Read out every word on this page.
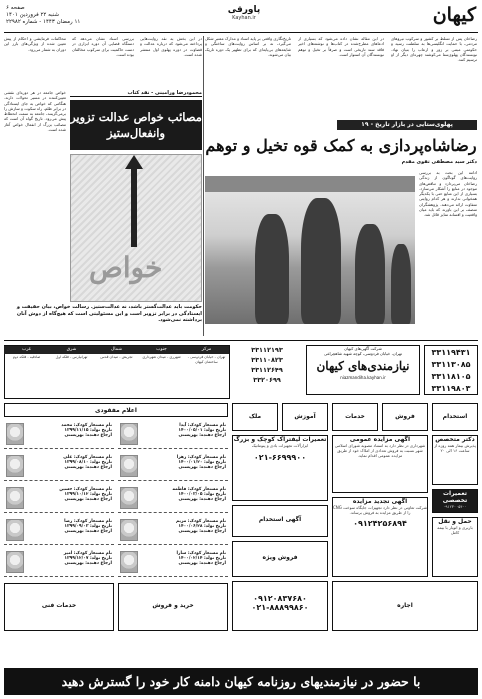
کیهان
پاورقی
Kayhan.ir
صفحه ۶
شنبه ۲۲ فروردین ۱۴۰۱
۱۱ رمضان ۱۴۴۳ - شماره ۲۲۹۸۲
رضاخان پس از تسلط بر کشور و سرکوب نیروهای مردمی، با حمایت انگلیسی‌ها به سلطنت رسید و حکومتی مبتنی بر زور و ارعاب را بنیان نهاد. نویسندگان پهلوی‌ستا می‌کوشند چهره‌ای دیگر از او ترسیم کنند.
در این مقاله نشان داده می‌شود که بسیاری از ادعاهای مطرح‌شده در کتاب‌ها و نوشته‌های اخیر فاقد سند تاریخی است و صرفاً بر تخیل و توهم نویسندگان آن استوار است.
تاریخ‌نگاری واقعی بر پایه اسناد و مدارک معتبر شکل می‌گیرد، نه بر اساس روایت‌های ساختگی و شایعه‌های بی‌پایه‌ای که برای تطهیر یک دوره تاریک بیان می‌شوند.
پهلوی‌ستایی در بازار تاریخ - ۱۹
رضاشاه‌پردازی به کمک قوه تخیل و توهم
دکتر سید مصطفی تقوی مقدم
ادامه این بحث به بررسی روایت‌های گوناگون از زندگی رضاخان می‌پردازد و تناقض‌های موجود در منابع را آشکار می‌سازد. بسیاری از این منابع حتی با یکدیگر همخوانی ندارند و هر کدام روایتی متفاوت ارائه می‌دهند. پژوهشگران منصف بر این باورند که باید میان واقعیت و افسانه تمایز قائل شد.
در این بخش به نقد روایت‌هایی پرداخته می‌شود که درباره عدالت و قضاوت در دوره پهلوی اول منتشر شده است.
بررسی اسناد نشان می‌دهد که دستگاه قضایی آن دوره ابزاری در دست حاکمیت برای سرکوب مخالفان بوده است.
محاکمات فرمایشی و احکام از پیش تعیین شده از ویژگی‌های بارز این دوران به شمار می‌رود.
محمودرضا ورامینی - نقد کتاب
مصائب خواص عدالت تزویر وانفعال‌ستیز
خواص
خواص جامعه در هر دوره‌ای نقشی تعیین‌کننده در مسیر تحولات دارند. هنگامی که خواص به جای ایستادگی در برابر ظلم، راه سکوت و سازش را برمی‌گزینند، جامعه به سمت انحطاط پیش می‌رود. تاریخ گواه آن است که مصائب بزرگ از انفعال خواص آغاز شده است.
حکومت باید عدالت‌گستر باشد، نه عدالت‌ستیز. رسالت خواص، بیان حقیقت و ایستادگی در برابر تزویر است و این مسئولیتی است که هیچ‌گاه از دوش آنان برداشته نمی‌شود.
۳۳۱۱۹۴۳۱
۳۳۱۱۳۰۸۵
۳۳۱۱۸۱۰۵
۳۳۱۱۹۸۰۳
شرکت آگهی‌های کیهان
تهران، خیابان فردوسی، کوچه شهید شاهچراغی
نیازمندی‌های کیهان
niazmandiha.kayhan.ir
۳۳۱۱۲۱۹۳
۳۳۱۱۰۸۲۳
۳۳۱۱۲۶۴۹
۳۳۲۰۶۹۹
مرکز
تهران - خیابان فردوسی - ساختمان کیهان
جنوب
شهرری - میدان شهرداری
شمال
تجریش - میدان قدس
شرق
تهرانپارس - فلکه اول
غرب
صادقیه - فلکه دوم
استخدام
فروش
خدمات
آموزش
ملک
دکتر متخصص
پذیرش بیمار همه روزه از ساعت ۱۶ الی ۲۰
تعمیرات تخصصی
۰۹۱۲۳۰۰۵۴۰۰
حمل و نقل
باربری و اتوبار با بیمه کامل
آگهی مزایده عمومی
شهرداری در نظر دارد به استناد مصوبه شورای اسلامی شهر نسبت به فروش تعدادی از املاک خود از طریق مزایده عمومی اقدام نماید.
آگهی تجدید مزایده
شرکت تعاونی در نظر دارد تجهیزات جایگاه سوخت CNG را از طریق مزایده به فروش برساند.
۰۹۱۲۴۲۵۶۸۹۴
تعمیرات لیفتراک کوچک و بزرگ
ابزارآلات تجهیزات بادی و پنوماتیک
۰۲۱-۶۶۹۹۹۰۰
آگهی استخدام
فروش ویژه
اجاره
۰۹۱۲۰۸۳۷۶۸۰
۰۲۱-۸۸۸۹۹۸۶۰
اعلام مفقودی
نام مستعار کودک: آیدا
تاریخ تولد: ۱۴۰۰/۰۵/۰۱
ارجاع دهنده: بهزیستی
نام مستعار کودک: محمد
تاریخ تولد: ۱۳۹۹/۱۱/۱۵
ارجاع دهنده: بهزیستی
نام مستعار کودک: زهرا
تاریخ تولد: ۱۴۰۰/۰۱/۲۰
ارجاع دهنده: بهزیستی
نام مستعار کودک: علی
تاریخ تولد: ۱۳۹۹/۰۸/۱۰
ارجاع دهنده: بهزیستی
نام مستعار کودک: فاطمه
تاریخ تولد: ۱۴۰۰/۰۳/۰۵
ارجاع دهنده: بهزیستی
نام مستعار کودک: حسین
تاریخ تولد: ۱۳۹۹/۱۰/۱۲
ارجاع دهنده: بهزیستی
نام مستعار کودک: مریم
تاریخ تولد: ۱۴۰۰/۰۶/۲۸
ارجاع دهنده: بهزیستی
نام مستعار کودک: رضا
تاریخ تولد: ۱۳۹۹/۰۹/۰۳
ارجاع دهنده: بهزیستی
نام مستعار کودک: سارا
تاریخ تولد: ۱۴۰۰/۰۲/۱۴
ارجاع دهنده: بهزیستی
نام مستعار کودک: امیر
تاریخ تولد: ۱۳۹۹/۱۲/۰۷
ارجاع دهنده: بهزیستی
خرید و فروش
خدمات فنی
با حضور در نیازمندیهای روزنامه کیهان دامنه کار خود را گسترش دهید
